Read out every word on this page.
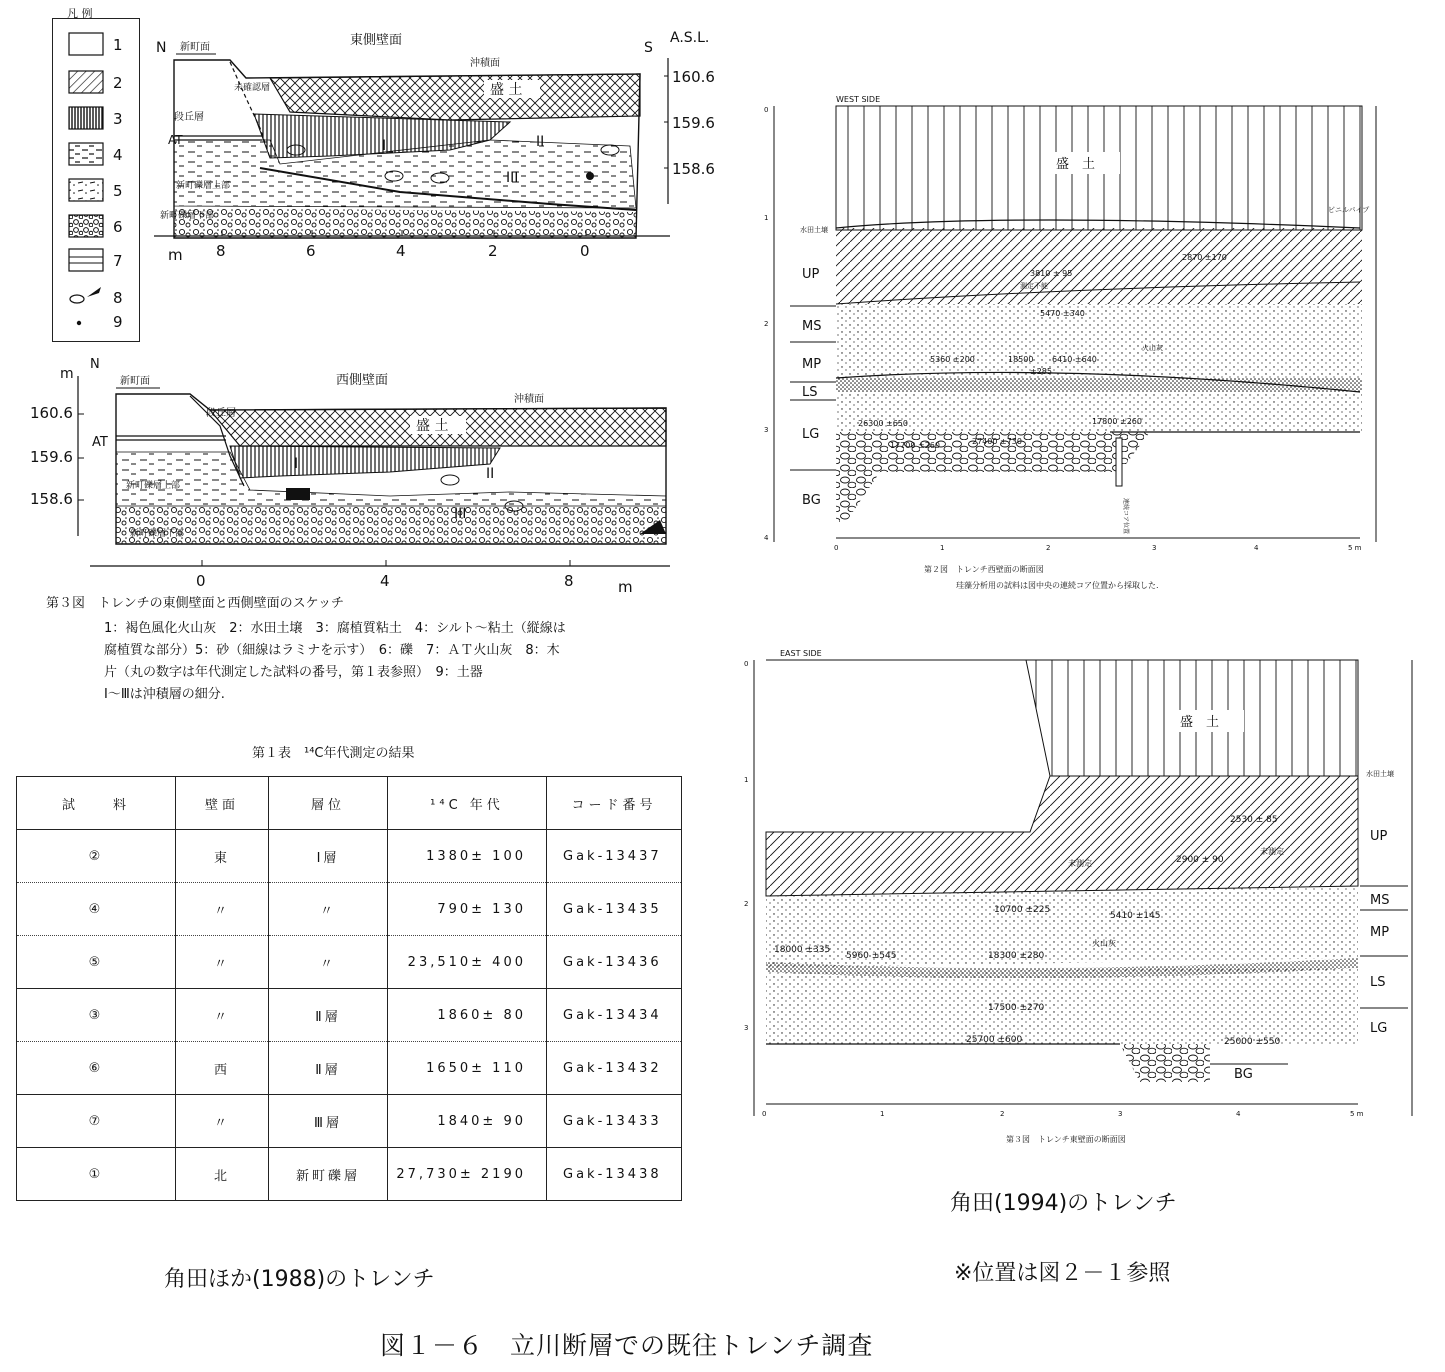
凡 例
1
2
3
4
5
6
7
8
9
東側壁面
N 新町面
沖積面
S
A.S.L.
AT
段丘層
未確認層	盛 土
I	II
III
新町礫層上部
新町礫層下部
160.6
159.6
158.6
m 8	6	4	2	0
m
N
新町面	西側壁面
沖積面
盛 土
段丘層
AT
I
II
III
新町礫層上部
新町礫層下部
160.6
159.6
158.6
0	4	8	m
第３図　トレンチの東側壁面と西側壁面のスケッチ
1：褐色風化火山灰　2：水田土壌　3：腐植質粘土　4：シルト～粘土（縦線は
腐植質な部分）5：砂（細線はラミナを示す）　6：礫　7：ＡＴ火山灰　8：木
片（丸の数字は年代測定した試料の番号，第１表参照）　9：土器
Ⅰ～Ⅲは沖積層の細分.
第１表　¹⁴C年代測定の結果
試　　料	壁面	層位	¹⁴C 年代	コード番号
②	東	Ⅰ層	1380± 100	Gak-13437
④	〃	〃	790± 130	Gak-13435
⑤	〃	〃	23,510± 400	Gak-13436
③	〃	Ⅱ層	1860± 80	Gak-13434
⑥	西	Ⅱ層	1650± 110	Gak-13432
⑦	〃	Ⅲ層	1840± 90	Gak-13433
①	北	新町礫層	27,730± 2190	Gak-13438
WEST SIDE
盛　土
水田土壌
ビニルパイプ
UP
MS
MP
LS
LG
BG
0
1
2
3
4
0	1	2	3	4	5 m
3810 ± 95
2870 ±170
測定不能
5470 ±340
5360 ±200	18500 6410 ±640
±285
火山灰
26300 ±650	17800 ±260
17700 ±260	27400 ±730
連続コア位置
第２図　トレンチ西壁面の断面図
珪藻分析用の試料は図中央の連続コア位置から採取した.
EAST SIDE
盛　土
水田土壌
UP
MS
MP
LS
LG
BG
0
1
2
3
0	1	2	3	4	5 m
2530 ± 85
未測定
未測定
2900 ± 90
10700 ±225
5410 ±145
18000 ±335
5960 ±545	18300 ±280
火山灰
17500 ±270
25700 ±600	25000 ±550
第３図　トレンチ東壁面の断面図
角田ほか(1988)のトレンチ
角田(1994)のトレンチ
※位置は図２－１参照
図１－６　立川断層での既往トレンチ調査
